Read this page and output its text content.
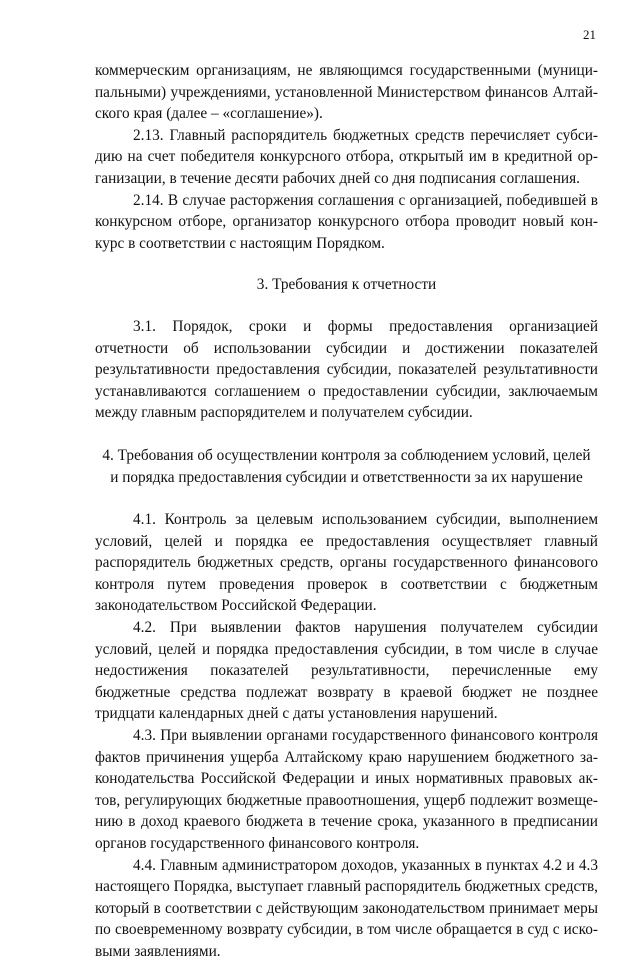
21

коммерческим организациям, не являющимся государственными (муниципальными) учреждениями, установленной Министерством финансов Алтайского края (далее – «соглашение»).

2.13. Главный распорядитель бюджетных средств перечисляет субсидию на счет победителя конкурсного отбора, открытый им в кредитной организации, в течение десяти рабочих дней со дня подписания соглашения.

2.14. В случае расторжения соглашения с организацией, победившей в конкурсном отборе, организатор конкурсного отбора проводит новый конкурс в соответствии с настоящим Порядком.

3. Требования к отчетности

3.1. Порядок, сроки и формы предоставления организацией отчетности об использовании субсидии и достижении показателей результативности предоставления субсидии, показателей результативности устанавливаются соглашением о предоставлении субсидии, заключаемым между главным распорядителем и получателем субсидии.

4. Требования об осуществлении контроля за соблюдением условий, целей

и порядка предоставления субсидии и ответственности за их нарушение

4.1. Контроль за целевым использованием субсидии, выполнением условий, целей и порядка ее предоставления осуществляет главный распорядитель бюджетных средств, органы государственного финансового контроля путем проведения проверок в соответствии с бюджетным законодательством Российской Федерации.

4.2. При выявлении фактов нарушения получателем субсидии условий, целей и порядка предоставления субсидии, в том числе в случае недостижения показателей результативности, перечисленные ему бюджетные средства подлежат возврату в краевой бюджет не позднее тридцати календарных дней с даты установления нарушений.

4.3. При выявлении органами государственного финансового контроля фактов причинения ущерба Алтайскому краю нарушением бюджетного законодательства Российской Федерации и иных нормативных правовых актов, регулирующих бюджетные правоотношения, ущерб подлежит возмещению в доход краевого бюджета в течение срока, указанного в предписании органов государственного финансового контроля.

4.4. Главным администратором доходов, указанных в пунктах 4.2 и 4.3 настоящего Порядка, выступает главный распорядитель бюджетных средств, который в соответствии с действующим законодательством принимает меры по своевременному возврату субсидии, в том числе обращается в суд с исковыми заявлениями.
